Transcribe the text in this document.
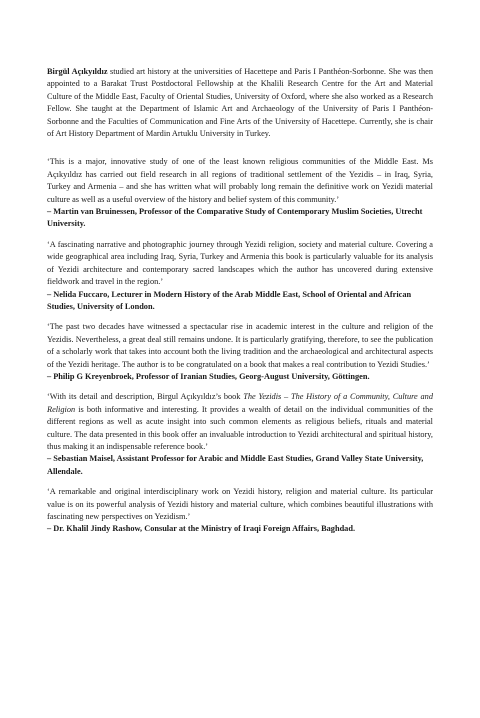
Birgül Açıkyıldız studied art history at the universities of Hacettepe and Paris I Panthéon-Sorbonne. She was then appointed to a Barakat Trust Postdoctoral Fellowship at the Khalili Research Centre for the Art and Material Culture of the Middle East, Faculty of Oriental Studies, University of Oxford, where she also worked as a Research Fellow. She taught at the Department of Islamic Art and Archaeology of the University of Paris I Panthéon-Sorbonne and the Faculties of Communication and Fine Arts of the University of Hacettepe. Currently, she is chair of Art History Department of Mardin Artuklu University in Turkey.

‘This is a major, innovative study of one of the least known religious communities of the Middle East. Ms Açıkyıldız has carried out field research in all regions of traditional settlement of the Yezidis – in Iraq, Syria, Turkey and Armenia – and she has written what will probably long remain the definitive work on Yezidi material culture as well as a useful overview of the history and belief system of this community.’
– Martin van Bruinessen, Professor of the Comparative Study of Contemporary Muslim Societies, Utrecht University.

‘A fascinating narrative and photographic journey through Yezidi religion, society and material culture. Covering a wide geographical area including Iraq, Syria, Turkey and Armenia this book is particularly valuable for its analysis of Yezidi architecture and contemporary sacred landscapes which the author has uncovered during extensive fieldwork and travel in the region.’
– Nelida Fuccaro, Lecturer in Modern History of the Arab Middle East, School of Oriental and African Studies, University of London.

‘The past two decades have witnessed a spectacular rise in academic interest in the culture and religion of the Yezidis. Nevertheless, a great deal still remains undone. It is particularly gratifying, therefore, to see the publication of a scholarly work that takes into account both the living tradition and the archaeological and architectural aspects of the Yezidi heritage. The author is to be congratulated on a book that makes a real contribution to Yezidi Studies.’
– Philip G Kreyenbroek, Professor of Iranian Studies, Georg-August University, Göttingen.

‘With its detail and description, Birgul Açıkyıldız’s book The Yezidis – The History of a Community, Culture and Religion is both informative and interesting. It provides a wealth of detail on the individual communities of the different regions as well as acute insight into such common elements as religious beliefs, rituals and material culture. The data presented in this book offer an invaluable introduction to Yezidi architectural and spiritual history, thus making it an indispensable reference book.’
– Sebastian Maisel, Assistant Professor for Arabic and Middle East Studies, Grand Valley State University, Allendale.

‘A remarkable and original interdisciplinary work on Yezidi history, religion and material culture. Its particular value is on its powerful analysis of Yezidi history and material culture, which combines beautiful illustrations with fascinating new perspectives on Yezidism.’
– Dr. Khalil Jindy Rashow, Consular at the Ministry of Iraqi Foreign Affairs, Baghdad.
